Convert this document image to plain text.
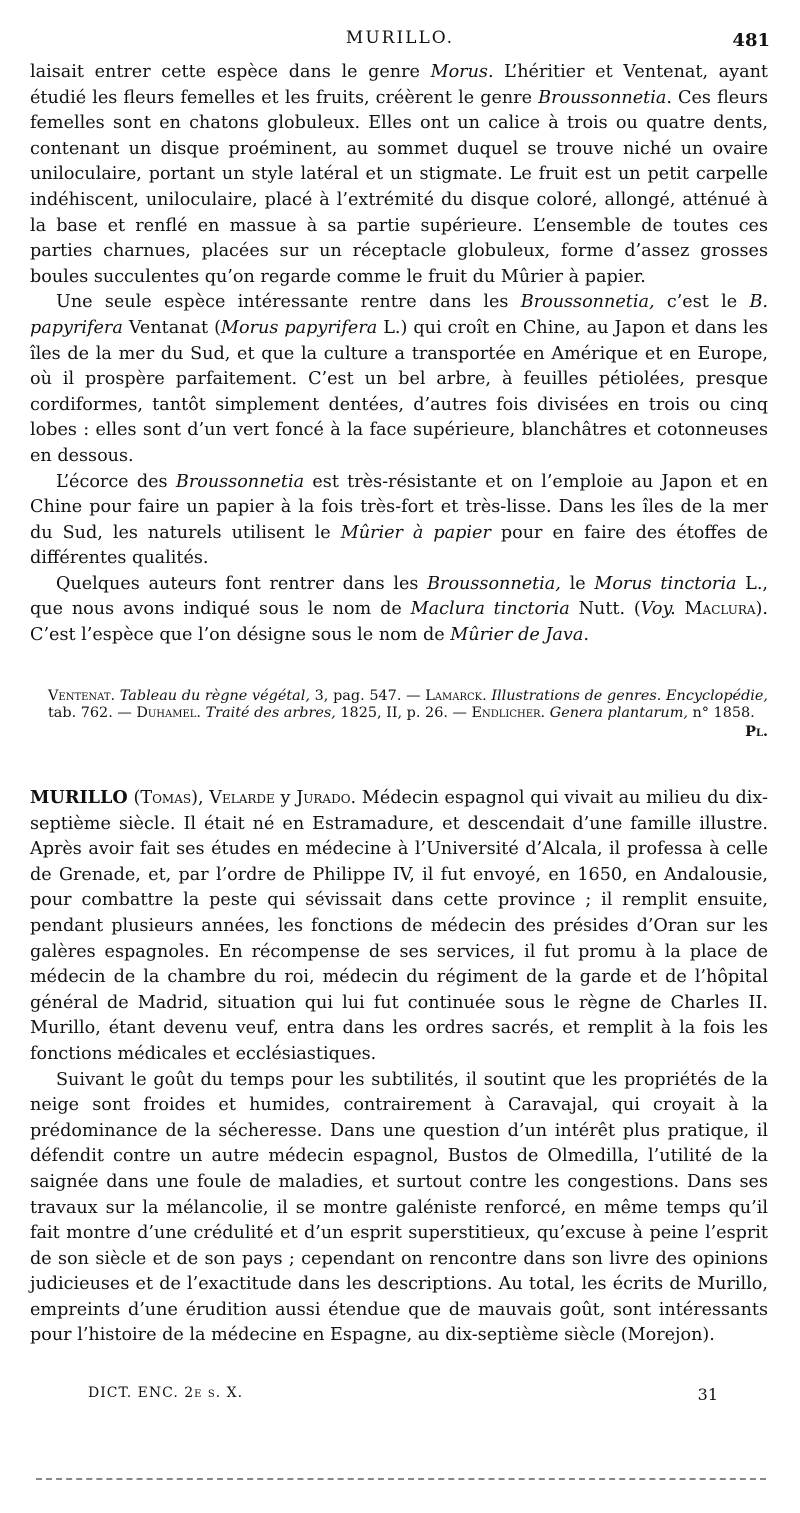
MURILLO.	481

laisait entrer cette espèce dans le genre Morus. L’héritier et Ventenat, ayant étudié les fleurs femelles et les fruits, créèrent le genre Broussonnetia. Ces fleurs femelles sont en chatons globuleux. Elles ont un calice à trois ou quatre dents, contenant un disque proéminent, au sommet duquel se trouve niché un ovaire uniloculaire, portant un style latéral et un stigmate. Le fruit est un petit carpelle indéhiscent, uniloculaire, placé à l’extrémité du disque coloré, allongé, atténué à la base et renflé en massue à sa partie supérieure. L’ensemble de toutes ces parties charnues, placées sur un réceptacle globuleux, forme d’assez grosses boules succulentes qu’on regarde comme le fruit du Mûrier à papier.

Une seule espèce intéressante rentre dans les Broussonnetia, c’est le B. papyrifera Ventanat (Morus papyrifera L.) qui croît en Chine, au Japon et dans les îles de la mer du Sud, et que la culture a transportée en Amérique et en Europe, où il prospère parfaitement. C’est un bel arbre, à feuilles pétiolées, presque cordiformes, tantôt simplement dentées, d’autres fois divisées en trois ou cinq lobes : elles sont d’un vert foncé à la face supérieure, blanchâtres et cotonneuses en dessous.

L’écorce des Broussonnetia est très-résistante et on l’emploie au Japon et en Chine pour faire un papier à la fois très-fort et très-lisse. Dans les îles de la mer du Sud, les naturels utilisent le Mûrier à papier pour en faire des étoffes de différentes qualités.

Quelques auteurs font rentrer dans les Broussonnetia, le Morus tinctoria L., que nous avons indiqué sous le nom de Maclura tinctoria Nutt. (Voy. Maclura). C’est l’espèce que l’on désigne sous le nom de Mûrier de Java.

Ventenat. Tableau du règne végétal, 3, pag. 547. — Lamarck. Illustrations de genres. Encyclopédie, tab. 762. — Duhamel. Traité des arbres, 1825, II, p. 26. — Endlicher. Genera plantarum, n° 1858.
Pl.

MURILLO (Tomas), Velarde y Jurado. Médecin espagnol qui vivait au milieu du dix-septième siècle. Il était né en Estramadure, et descendait d’une famille illustre. Après avoir fait ses études en médecine à l’Université d’Alcala, il professa à celle de Grenade, et, par l’ordre de Philippe IV, il fut envoyé, en 1650, en Andalousie, pour combattre la peste qui sévissait dans cette province ; il remplit ensuite, pendant plusieurs années, les fonctions de médecin des présides d’Oran sur les galères espagnoles. En récompense de ses services, il fut promu à la place de médecin de la chambre du roi, médecin du régiment de la garde et de l’hôpital général de Madrid, situation qui lui fut continuée sous le règne de Charles II. Murillo, étant devenu veuf, entra dans les ordres sacrés, et remplit à la fois les fonctions médicales et ecclésiastiques.

Suivant le goût du temps pour les subtilités, il soutint que les propriétés de la neige sont froides et humides, contrairement à Caravajal, qui croyait à la prédominance de la sécheresse. Dans une question d’un intérêt plus pratique, il défendit contre un autre médecin espagnol, Bustos de Olmedilla, l’utilité de la saignée dans une foule de maladies, et surtout contre les congestions. Dans ses travaux sur la mélancolie, il se montre galéniste renforcé, en même temps qu’il fait montre d’une crédulité et d’un esprit superstitieux, qu’excuse à peine l’esprit de son siècle et de son pays ; cependant on rencontre dans son livre des opinions judicieuses et de l’exactitude dans les descriptions. Au total, les écrits de Murillo, empreints d’une érudition aussi étendue que de mauvais goût, sont intéressants pour l’histoire de la médecine en Espagne, au dix-septième siècle (Morejon).

DICT. ENC. 2e s. X.	31
